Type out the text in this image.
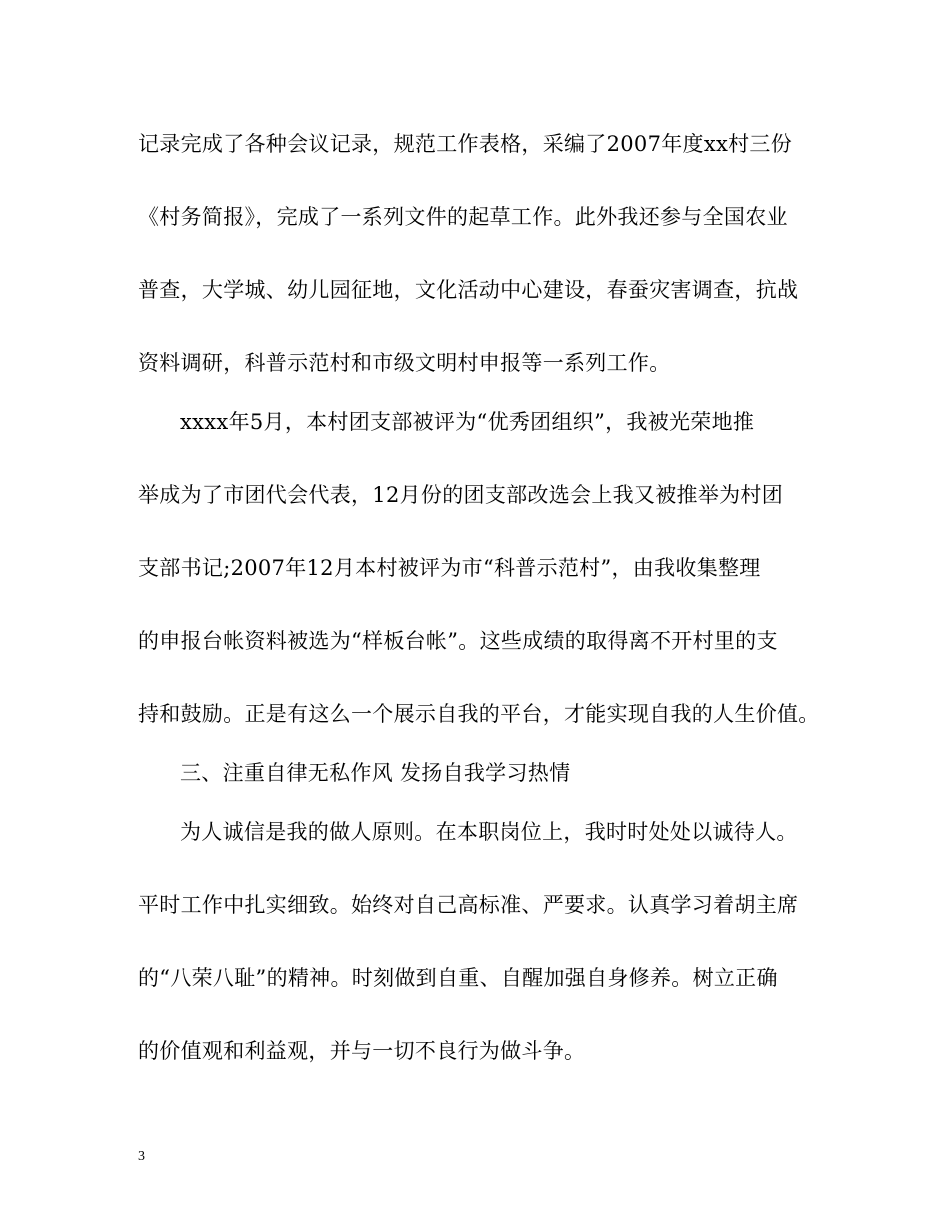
记录完成了各种会议记录，规范工作表格，采编了2007年度xx村三份
《村务简报》，完成了一系列文件的起草工作。此外我还参与全国农业
普查，大学城、幼儿园征地，文化活动中心建设，春蚕灾害调查，抗战
资料调研，科普示范村和市级文明村申报等一系列工作。
xxxx年5月，本村团支部被评为“优秀团组织”，我被光荣地推
举成为了市团代会代表，12月份的团支部改选会上我又被推举为村团
支部书记;2007年12月本村被评为市“科普示范村”，由我收集整理
的申报台帐资料被选为“样板台帐”。这些成绩的取得离不开村里的支
持和鼓励。正是有这么一个展示自我的平台，才能实现自我的人生价值。
三、注重自律无私作风 发扬自我学习热情
为人诚信是我的做人原则。在本职岗位上，我时时处处以诚待人。
平时工作中扎实细致。始终对自己高标准、严要求。认真学习着胡主席
的“八荣八耻”的精神。时刻做到自重、自醒加强自身修养。树立正确
的价值观和利益观，并与一切不良行为做斗争。
3
